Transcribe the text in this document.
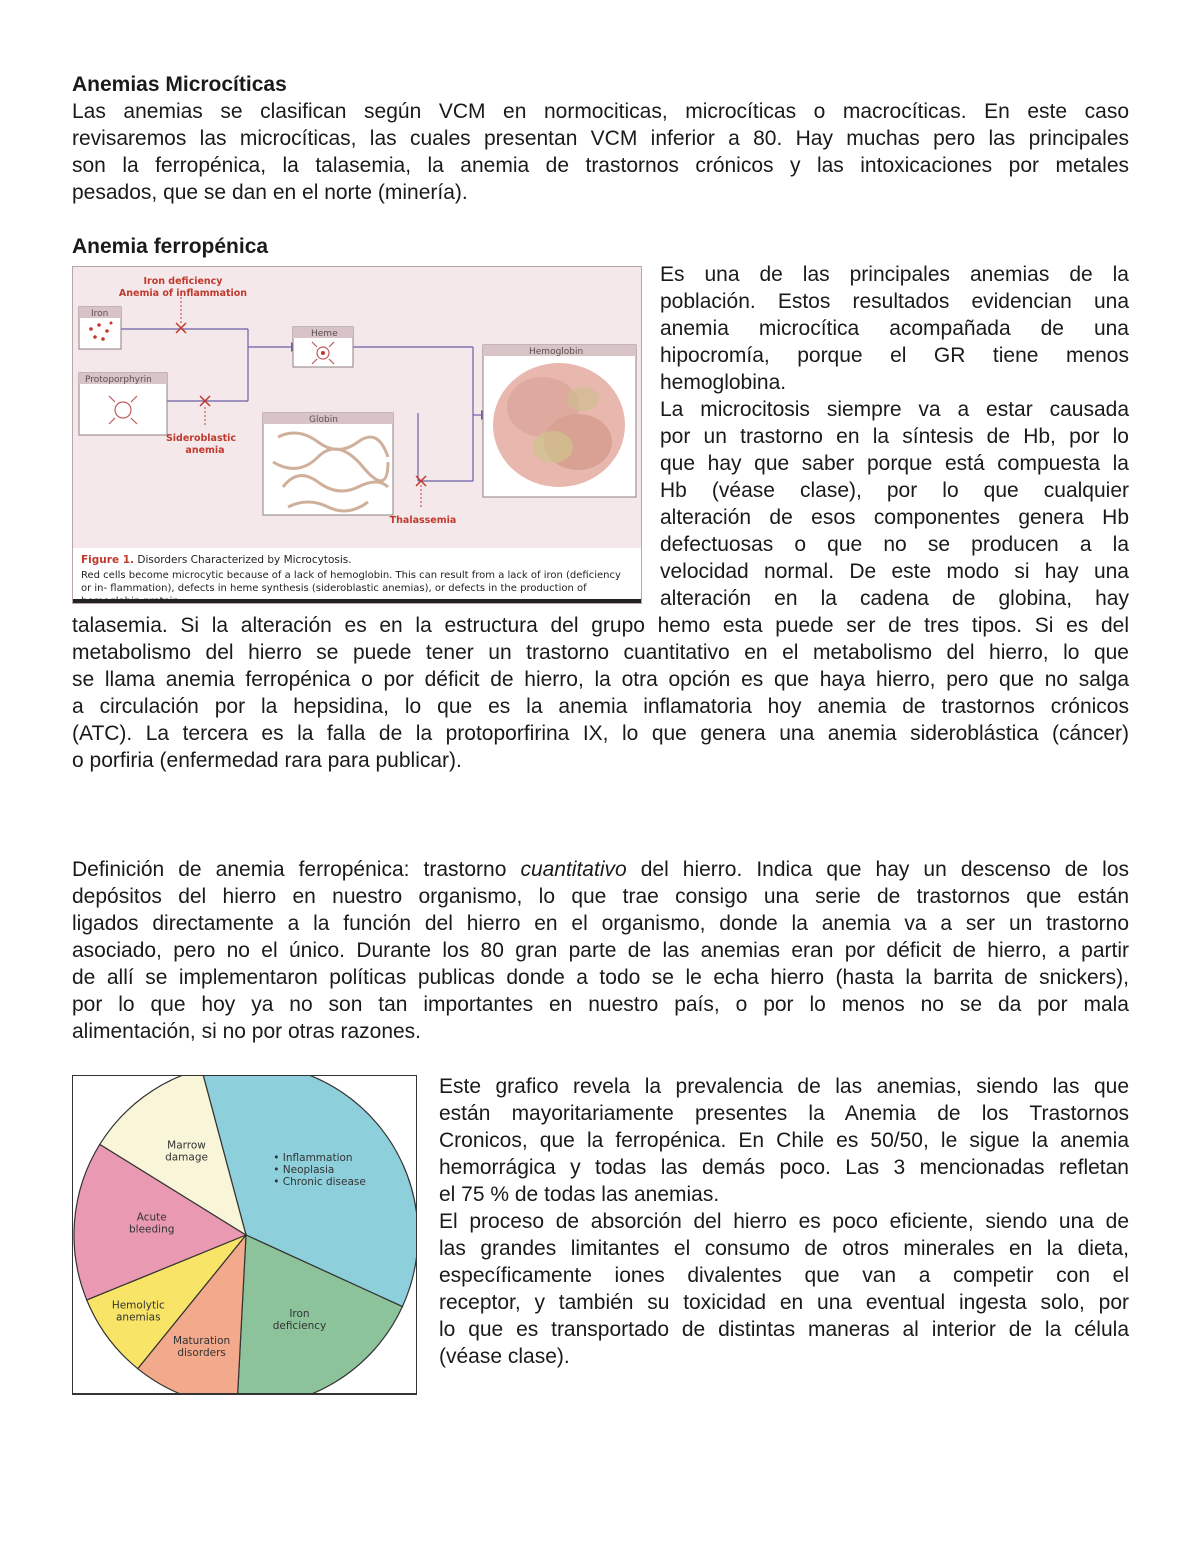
Anemias Microcíticas
Las anemias se clasifican según VCM en normociticas, microcíticas o macrocíticas. En este caso
revisaremos las microcíticas, las cuales presentan VCM inferior a 80. Hay muchas pero las principales
son la ferropénica, la talasemia, la anemia de trastornos crónicos y las intoxicaciones por metales
pesados, que se dan en el norte (minería).
Anemia ferropénica
Iron deficiency
Anemia of inflammation
Sideroblastic
anemia
Thalassemia
Iron
Protoporphyrin
Heme
Globin
Hemoglobin
Figure 1. Disorders Characterized by Microcytosis.
Red cells become microcytic because of a lack of hemoglobin. This can result from a lack of iron (deficiency or in- flammation), defects in heme synthesis (sideroblastic anemias), or defects in the production of
Es una de las principales anemias de la
población. Estos resultados evidencian una
anemia microcítica acompañada de una
hipocromía, porque el GR tiene menos
hemoglobina.
La microcitosis siempre va a estar causada
por un trastorno en la síntesis de Hb, por lo
que hay que saber porque está compuesta la
Hb (véase clase), por lo que cualquier
alteración de esos componentes genera Hb
defectuosas o que no se producen a la
velocidad normal. De este modo si hay una
alteración en la cadena de globina, hay
talasemia. Si la alteración es en la estructura del grupo hemo esta puede ser de tres tipos. Si es del
metabolismo del hierro se puede tener un trastorno cuantitativo en el metabolismo del hierro, lo que
se llama anemia ferropénica o por déficit de hierro, la otra opción es que haya hierro, pero que no salga
a circulación por la hepsidina, lo que es la anemia inflamatoria hoy anemia de trastornos crónicos
(ATC). La tercera es la falla de la protoporfirina IX, lo que genera una anemia sideroblástica (cáncer)
o porfiria (enfermedad rara para publicar).
Definición de anemia ferropénica: trastorno cuantitativo del hierro. Indica que hay un descenso de los
depósitos del hierro en nuestro organismo, lo que trae consigo una serie de trastornos que están
ligados directamente a la función del hierro en el organismo, donde la anemia va a ser un trastorno
asociado, pero no el único. Durante los 80 gran parte de las anemias eran por déficit de hierro, a partir
de allí se implementaron políticas publicas donde a todo se le echa hierro (hasta la barrita de snickers),
por lo que hoy ya no son tan importantes en nuestro país, o por lo menos no se da por mala
alimentación, si no por otras razones.
• Inflammation • Neoplasia • Chronic disease
Iron deficiency
Maturation disorders
Hemolytic anemias
Acute bleeding
Marrow damage
Este grafico revela la prevalencia de las anemias, siendo las que
están mayoritariamente presentes la Anemia de los Trastornos
Cronicos, que la ferropénica. En Chile es 50/50, le sigue la anemia
hemorrágica y todas las demás poco. Las 3 mencionadas refletan
el 75 % de todas las anemias.
El proceso de absorción del hierro es poco eficiente, siendo una de
las grandes limitantes el consumo de otros minerales en la dieta,
específicamente iones divalentes que van a competir con el
receptor, y también su toxicidad en una eventual ingesta solo, por
lo que es transportado de distintas maneras al interior de la célula
(véase clase).
